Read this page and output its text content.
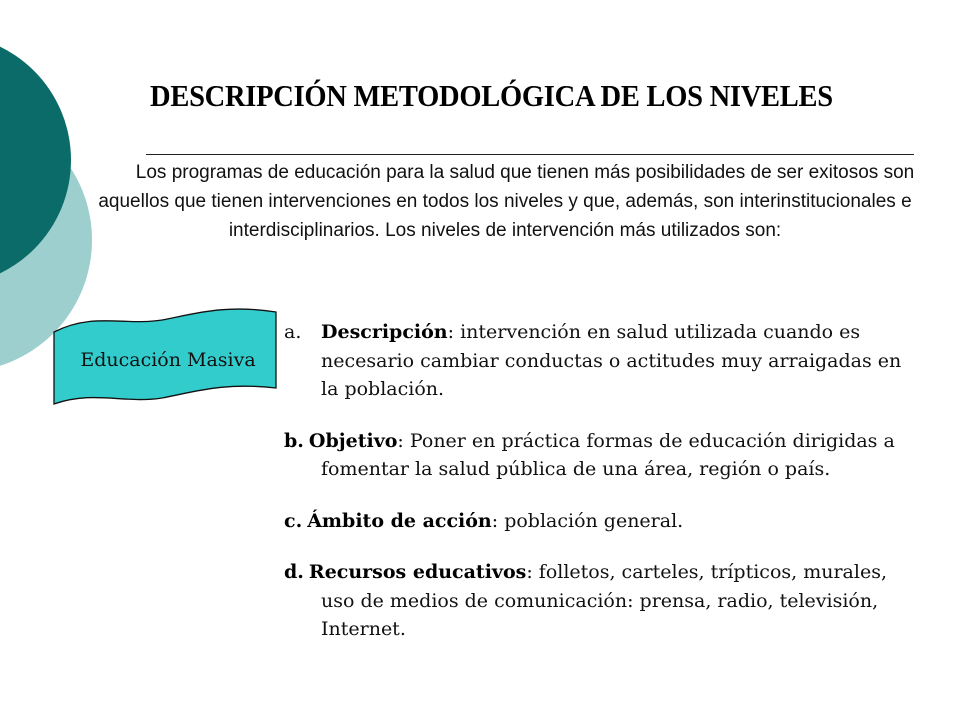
DESCRIPCIÓN METODOLÓGICA DE LOS NIVELES

Los programas de educación para la salud que tienen más posibilidades de ser exitosos son aquellos que tienen intervenciones en todos los niveles y que, además, son interinstitucionales e interdisciplinarios. Los niveles de intervención más utilizados son:

Educación Masiva
a. Descripción: intervención en salud utilizada cuando es necesario cambiar conductas o actitudes muy arraigadas en la población.
b. Objetivo: Poner en práctica formas de educación dirigidas a fomentar la salud pública de una área, región o país.
c. Ámbito de acción: población general.
d. Recursos educativos: folletos, carteles, trípticos, murales, uso de medios de comunicación: prensa, radio, televisión, Internet.
